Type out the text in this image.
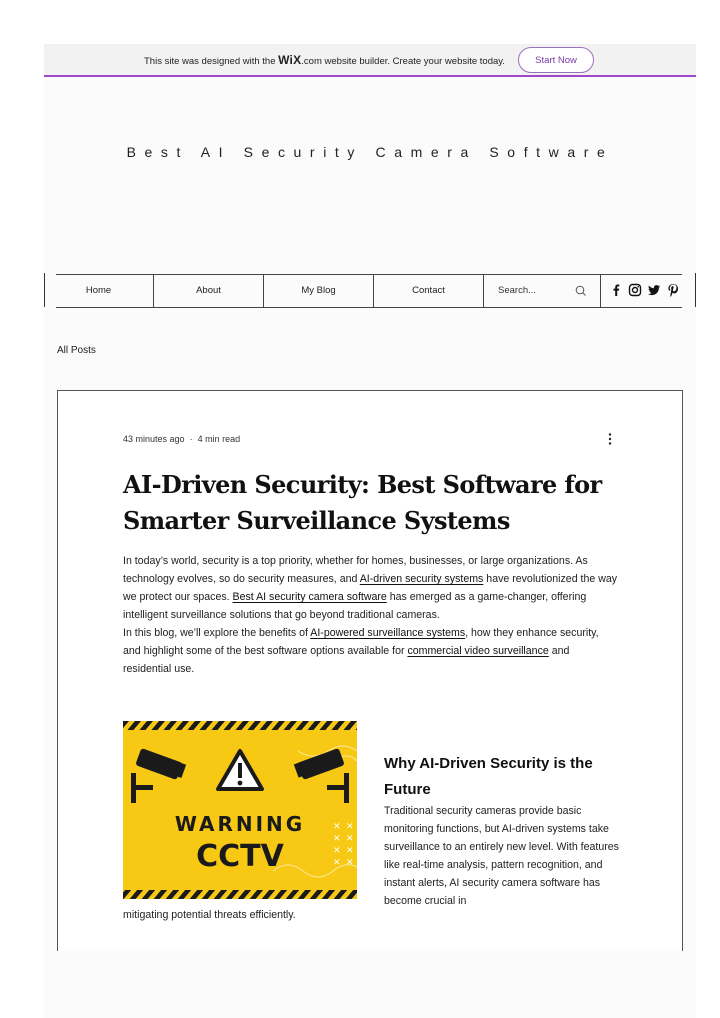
This site was designed with the WiX.com website builder. Create your website today.	Start Now
Best AI Security Camera Software
Home	About	My Blog	Contact	Search...
All Posts
43 minutes ago  ·  4 min read
AI-Driven Security: Best Software for Smarter Surveillance Systems
In today’s world, security is a top priority, whether for homes, businesses, or large organizations. As technology evolves, so do security measures, and AI-driven security systems have revolutionized the way we protect our spaces. Best AI security camera software has emerged as a game-changer, offering intelligent surveillance solutions that go beyond traditional cameras.
In this blog, we’ll explore the benefits of AI-powered surveillance systems, how they enhance security, and highlight some of the best software options available for commercial video surveillance and residential use.
WARNING
CCTV
✕ ✕
✕ ✕
✕ ✕
✕ ✕
Why AI-Driven Security is the Future
Traditional security cameras provide basic monitoring functions, but AI-driven systems take surveillance to an entirely new level. With features like real-time analysis, pattern recognition, and instant alerts, AI security camera software has become crucial in
mitigating potential threats efficiently.
